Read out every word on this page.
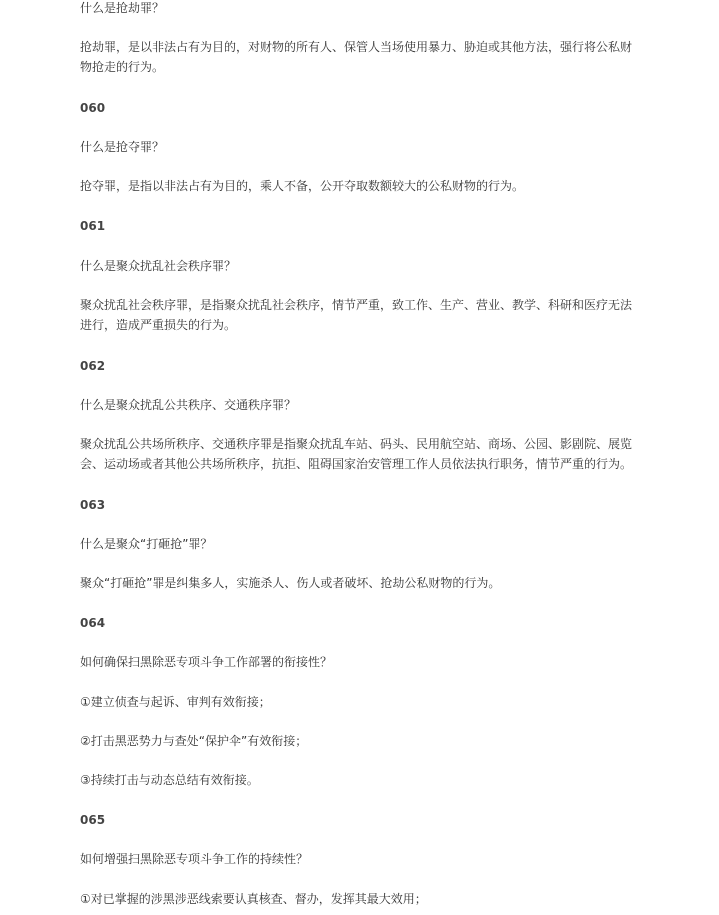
什么是抢劫罪？

抢劫罪，是以非法占有为目的，对财物的所有人、保管人当场使用暴力、胁迫或其他方法，强行将公私财物抢走的行为。

060

什么是抢夺罪？

抢夺罪，是指以非法占有为目的，乘人不备，公开夺取数额较大的公私财物的行为。

061

什么是聚众扰乱社会秩序罪？

聚众扰乱社会秩序罪，是指聚众扰乱社会秩序，情节严重，致工作、生产、营业、教学、科研和医疗无法进行，造成严重损失的行为。

062

什么是聚众扰乱公共秩序、交通秩序罪？

聚众扰乱公共场所秩序、交通秩序罪是指聚众扰乱车站、码头、民用航空站、商场、公园、影剧院、展览会、运动场或者其他公共场所秩序，抗拒、阻碍国家治安管理工作人员依法执行职务，情节严重的行为。

063

什么是聚众“打砸抢”罪？

聚众“打砸抢”罪是纠集多人，实施杀人、伤人或者破坏、抢劫公私财物的行为。

064

如何确保扫黑除恶专项斗争工作部署的衔接性？

①建立侦查与起诉、审判有效衔接；

②打击黑恶势力与查处“保护伞”有效衔接；

③持续打击与动态总结有效衔接。

065

如何增强扫黑除恶专项斗争工作的持续性？

①对已掌握的涉黑涉恶线索要认真核查、督办，发挥其最大效用；
